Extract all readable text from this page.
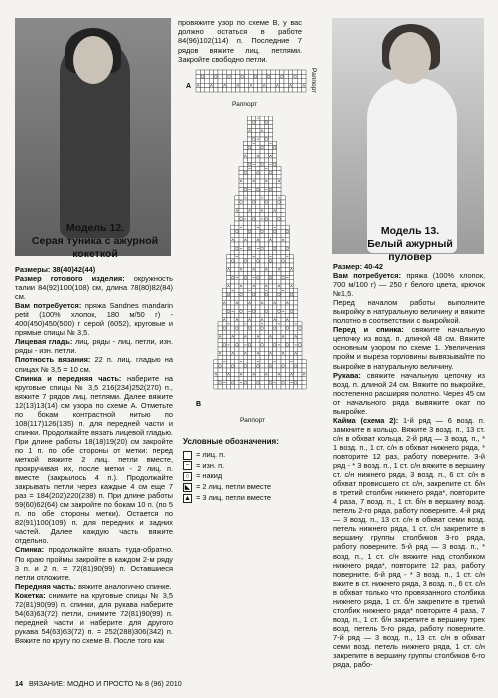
Модель 12.
Серая туника с ажурной кокеткой
Модель 13.
Белый ажурный пуловер

провяжите узор по схеме В, у вас должно остаться в работе 84(96)102(114) п. Последние 7 рядов вяжите лиц. петлями. Закройте свободно петли.

A
Раппорт
Раппорт
B
Раппорт
Условные обозначения:
= лиц. п.
− = изн. п.
○ = накид
◣ = 2 лиц. петли вместе
▲ = 3 лиц. петли вместе

Размеры: 38(40)42(44)

Размер готового изделия: окружность талии 84(92)100(108) см, длина 78(80)82(84) см.

Вам потребуется: пряжа Sandnes mandarin petit (100% хлопок, 180 м/50 г) - 400(450)450(500) г серой (6052), круговые и прямые спицы № 3,5.

Лицевая гладь: лиц. ряды - лиц. петли, изн. ряды - изн. петли.

Плотность вязания: 22 п. лиц. гладью на спицах № 3,5 = 10 см.

Спинка и передняя часть: наберите на круговые спицы № 3,5 216(234)252(270) п., вяжите 7 рядов лиц. петлями. Далее вяжите 12(13)13(14) см узора по схеме А. Отметьте по бокам контрастной нитью по 108(117)126(135) п. для передней части и спинки. Продолжайте вязать лицевой гладью.

При длине работы 18(18)19(20) см закройте по 1 п. по обе стороны от метки: перед меткой вяжите 2 лиц. петли вместе, прокручивая их, после метки - 2 лиц. п. вместе (закрылось 4 п.). Продолжайте закрывать петли через каждые 4 см еще 7 раз = 184(202)220(238) п. При длине работы 59(60)62(64) см закройте по бокам 10 п. (по 5 п. по обе стороны метки). Остается по 82(91)100(109) п. для передних и задних частей. Далее каждую часть вяжите отдельно.

Спинка: продолжайте вязать туда-обратно. По краю проймы закройте в каждом 2-м ряду 3 п. и 2 п. = 72(81)90(99) п. Оставшиеся петли отложите.

Передняя часть: вяжите аналогично спинке.

Кокетка: снимите на круговые спицы № 3,5 72(81)90(99) п. спинки, для рукава наберите 54(63)63(72) петли, снимите 72(81)90(99) п. передней части и наберите для другого рукава 54(63)63(72) п. = 252(288)306(342) п. Вяжите по кругу по схеме В. После того как

Размер: 40-42

Вам потребуется: пряжа (100% хлопок, 700 м/100 г) — 250 г белого цвета, крючок №1,5.

Перед началом работы выполните выкройку в натуральную величину и вяжите полотно в соответствии с выкройкой.

Перед и спинка: свяжите начальную цепочку из возд. п. длиной 48 см. Вяжите основным узором по схеме 1. Увеличения пройм и выреза горловины вывязывайте по выкройке в натуральную величину.

Рукава: свяжите начальную цепочку из возд. п. длиной 24 см. Вяжите по выкройке, постепенно расширяя полотно. Через 45 см от начального ряда вывяжите окат по выкройке.

Кайма (схема 2): 1-й ряд — 6 возд. п. замкните в кольцо. Вяжите 3 возд. п., 13 ст. с/н в обхват кольца. 2-й ряд — 3 возд. п., * 1 возд. п., 1 ст. с/н в обхват нижнего ряда, * повторите 12 раз, работу поверните. 3-й ряд - * 3 возд. п., 1 ст. с/н вяжите в вершину ст. с/н нижнего ряда, 3 возд. п., 6 ст. с/н в обхват провисшего ст. с/н, закрепите ст. б/н в третий столбик нижнего ряда*, повторите 4 раза, 7 возд. п., 1 ст. б/н в вершину возд. петель 2-го ряда, работу поверните. 4-й ряд — 3 возд. п., 13 ст. с/н в обхват семи возд. петель нижнего ряда, 1 ст. с/н закрепите в вершину группы столбиков 3-го ряда, работу поверните. 5-й ряд — 3 возд. п., * возд. п., 1 ст. с/н вяжите над столбиком нижнего ряда*, повторите 12 раз, работу поверните. 6-й ряд - * 3 возд. п., 1 ст. с/н вжите в ст. нижнего ряда, 3 возд. п., 6 ст. с/н в обхват только что провязанного столбика нижнего ряда, 1 ст. б/н закрепите в третий столбик нижнего ряда* повторите 4 раза, 7 возд. п., 1 ст. б/н закрепите в вершину трех возд. петель 5-го ряда, работу поверните. 7-й ряд — 3 возд. п., 13 ст. с/н в обхват семи возд. петель нижнего ряда, 1 ст. с/н закрепите в вершину группы столбиков 6-го ряда, рабо-

14 ВЯЗАНИЕ: МОДНО И ПРОСТО № 8 (96) 2010
